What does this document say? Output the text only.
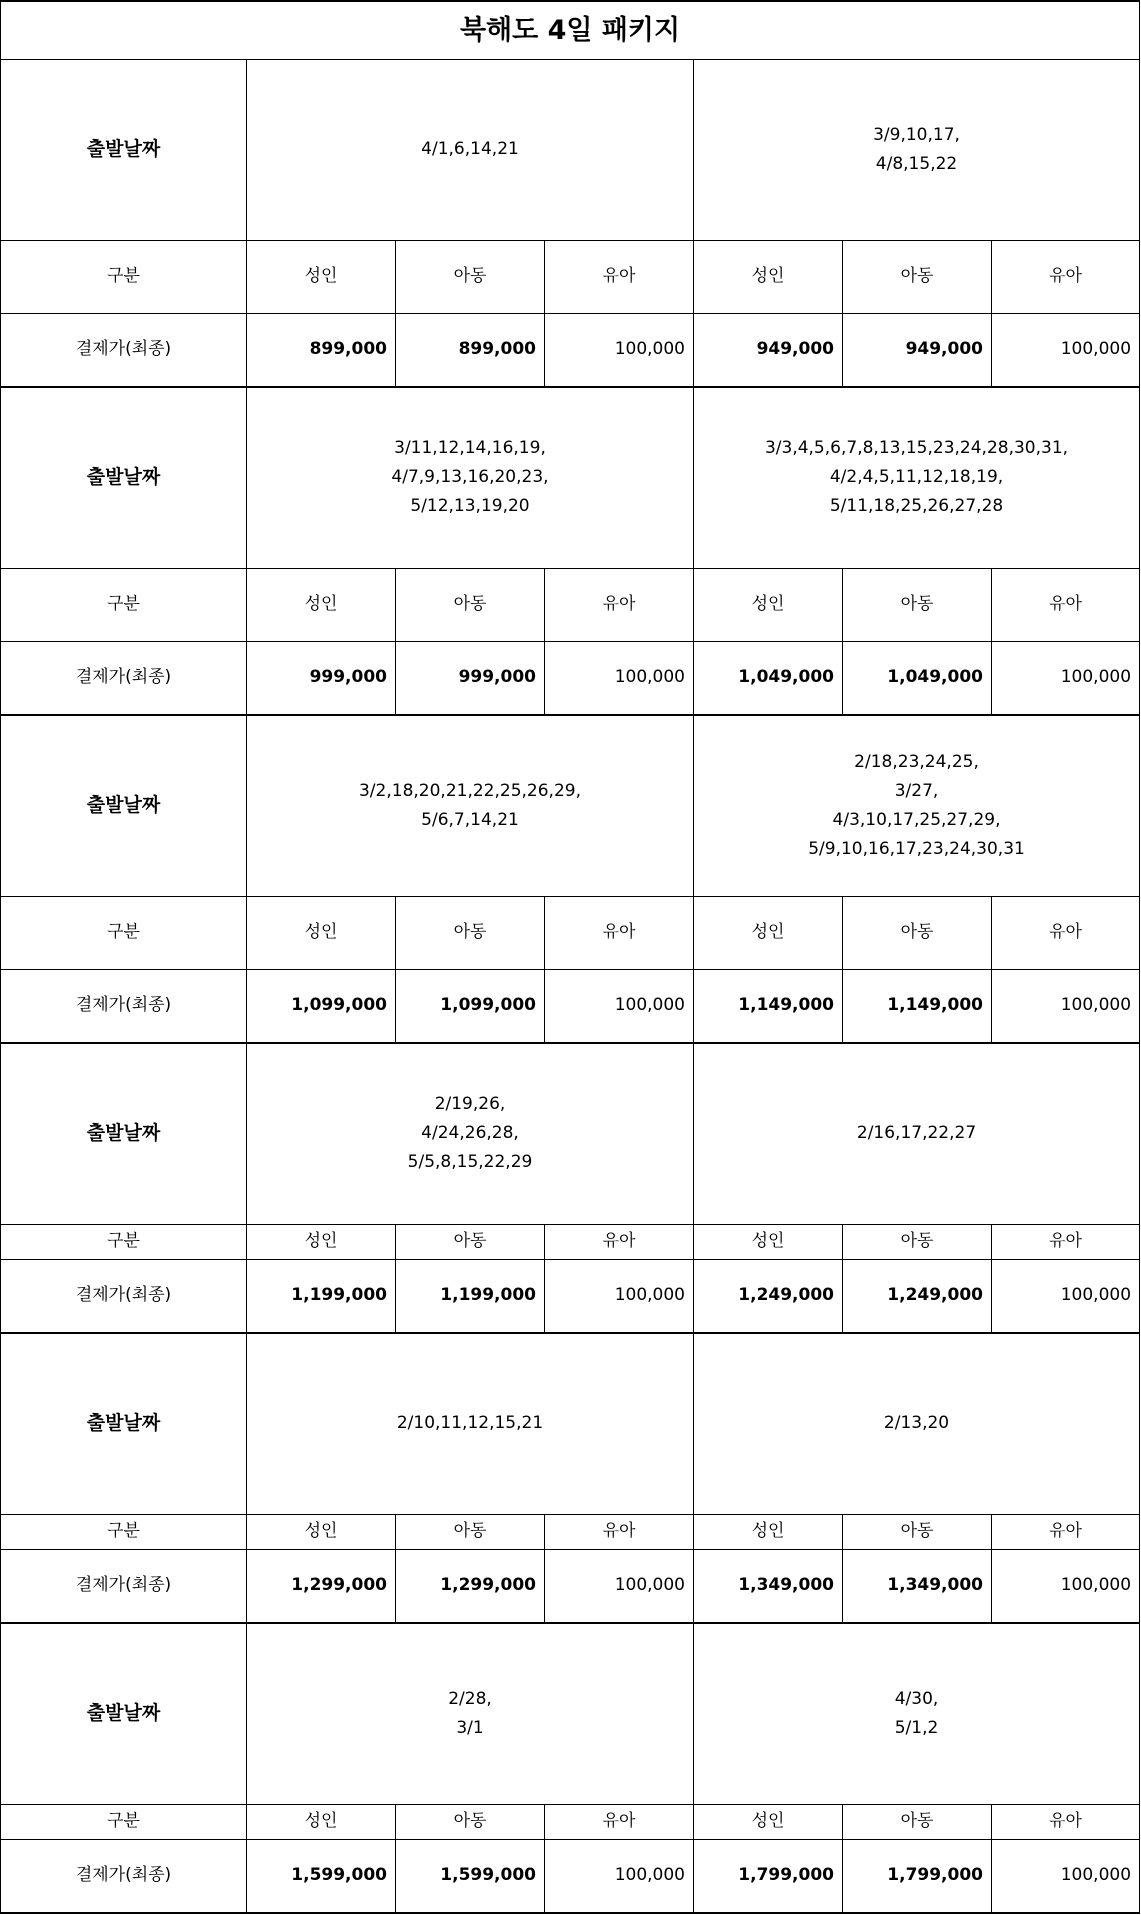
북해도 4일 패키지						
출발날짜	4/1,6,14,21			3/9,10,17,
4/8,15,22		
구분	성인	아동	유아	성인	아동	유아
결제가(최종)	899,000	899,000	100,000	949,000	949,000	100,000
출발날짜	3/11,12,14,16,19,
4/7,9,13,16,20,23,
5/12,13,19,20			3/3,4,5,6,7,8,13,15,23,24,28,30,31,
4/2,4,5,11,12,18,19,
5/11,18,25,26,27,28		
구분	성인	아동	유아	성인	아동	유아
결제가(최종)	999,000	999,000	100,000	1,049,000	1,049,000	100,000
출발날짜	3/2,18,20,21,22,25,26,29,
5/6,7,14,21			2/18,23,24,25,
3/27,
4/3,10,17,25,27,29,
5/9,10,16,17,23,24,30,31		
구분	성인	아동	유아	성인	아동	유아
결제가(최종)	1,099,000	1,099,000	100,000	1,149,000	1,149,000	100,000
출발날짜	2/19,26,
4/24,26,28,
5/5,8,15,22,29			2/16,17,22,27		
구분	성인	아동	유아	성인	아동	유아
결제가(최종)	1,199,000	1,199,000	100,000	1,249,000	1,249,000	100,000
출발날짜	2/10,11,12,15,21			2/13,20		
구분	성인	아동	유아	성인	아동	유아
결제가(최종)	1,299,000	1,299,000	100,000	1,349,000	1,349,000	100,000
출발날짜	2/28,
3/1			4/30,
5/1,2		
구분	성인	아동	유아	성인	아동	유아
결제가(최종)	1,599,000	1,599,000	100,000	1,799,000	1,799,000	100,000
